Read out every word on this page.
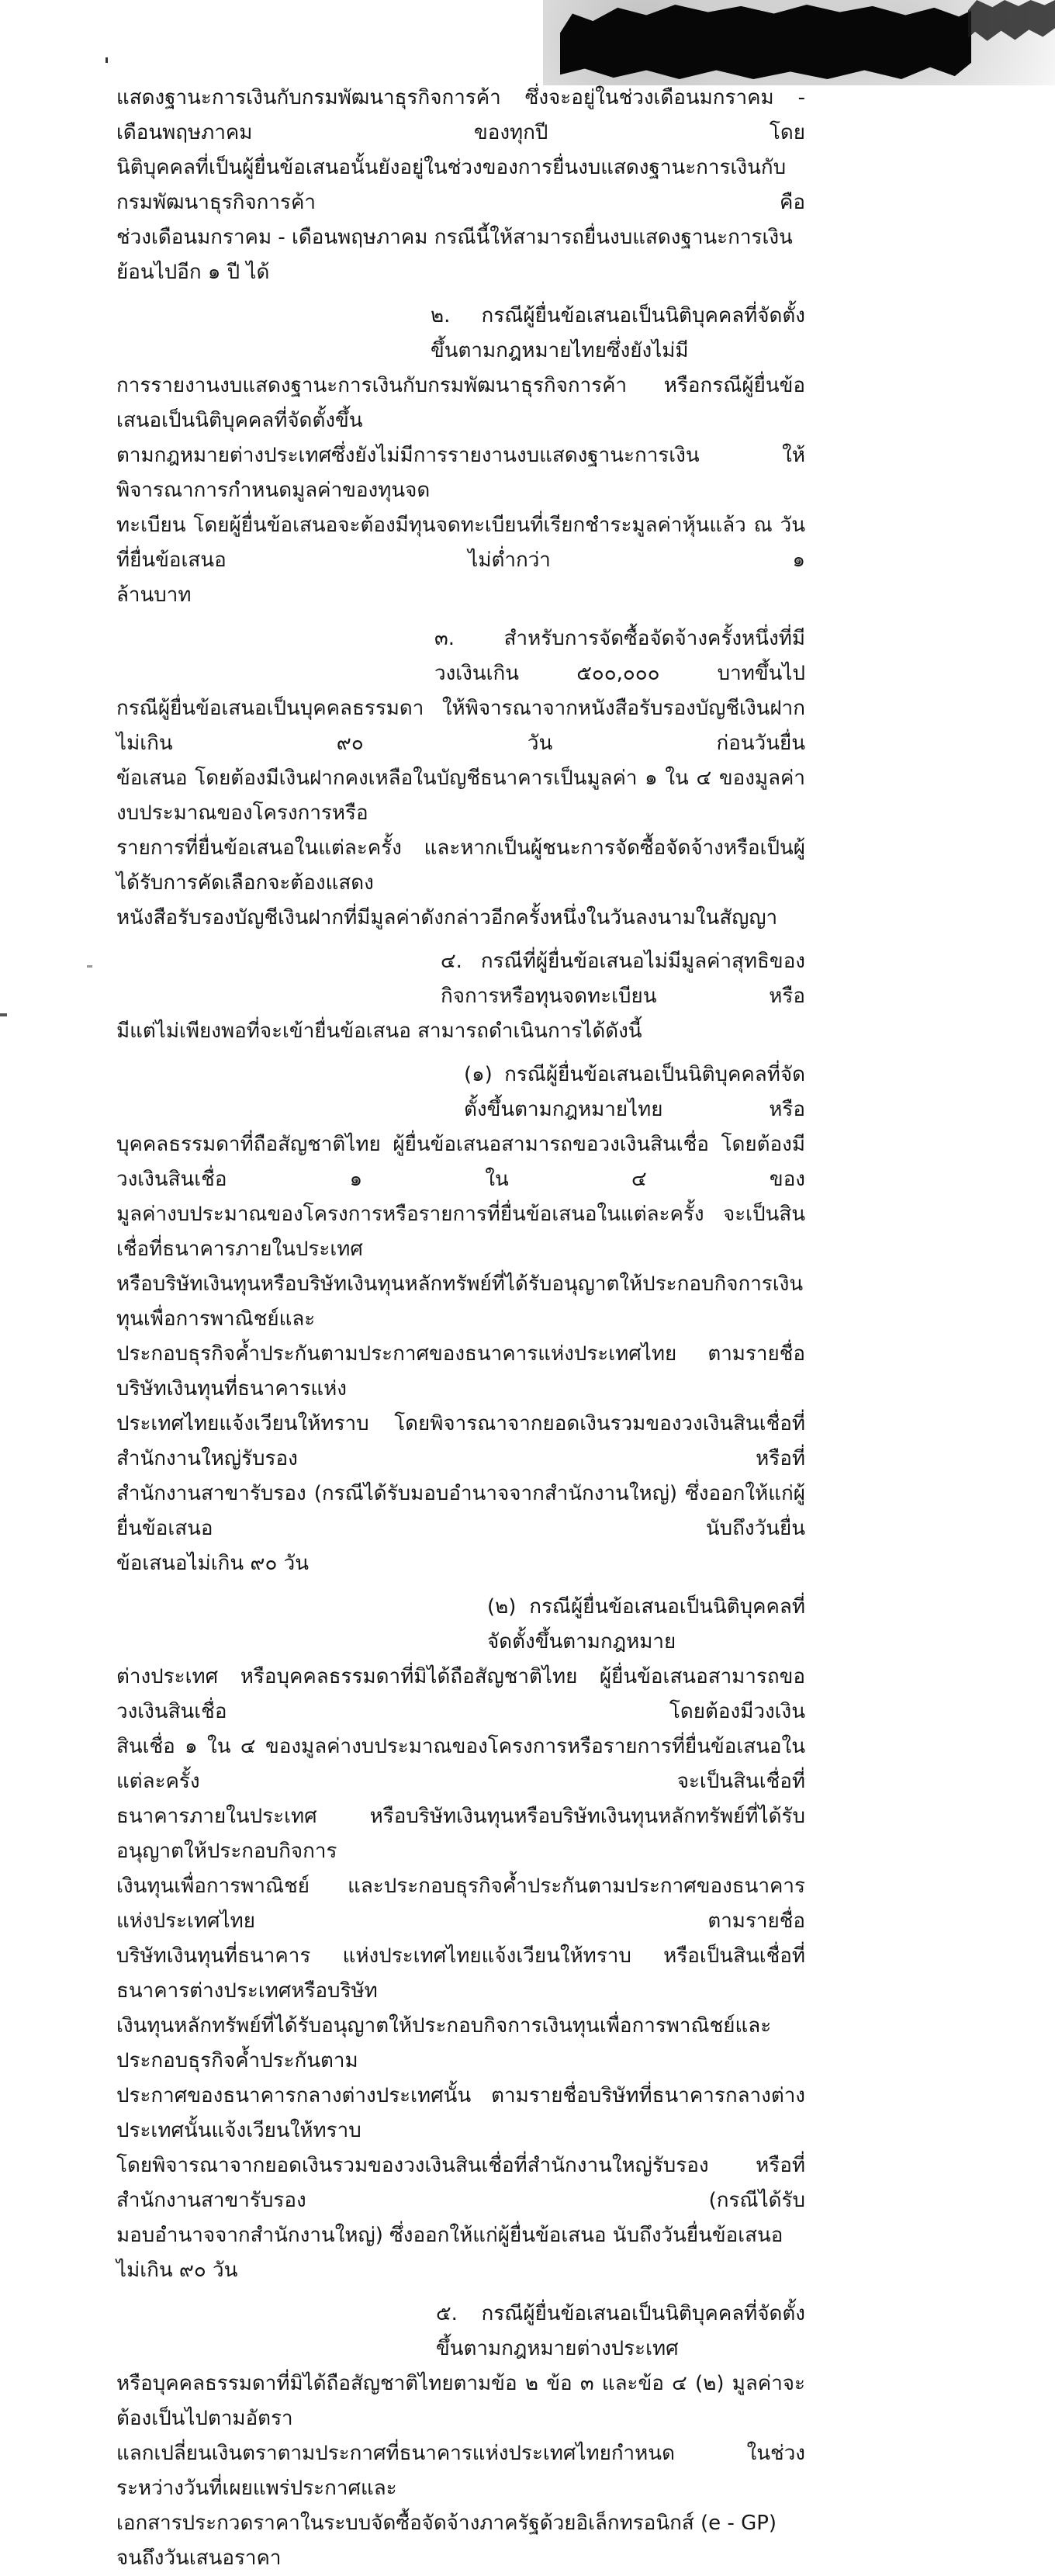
แสดงฐานะการเงินกับกรมพัฒนาธุรกิจการค้า ซึ่งจะอยู่ในช่วงเดือนมกราคม - เดือนพฤษภาคม ของทุกปี โดย
นิติบุคคลที่เป็นผู้ยื่นข้อเสนอนั้นยังอยู่ในช่วงของการยื่นงบแสดงฐานะการเงินกับกรมพัฒนาธุรกิจการค้า คือ
ช่วงเดือนมกราคม - เดือนพฤษภาคม กรณีนี้ให้สามารถยื่นงบแสดงฐานะการเงินย้อนไปอีก ๑ ปี ได้
๒. กรณีผู้ยื่นข้อเสนอเป็นนิติบุคคลที่จัดตั้งขึ้นตามกฎหมายไทยซึ่งยังไม่มี
การรายงานงบแสดงฐานะการเงินกับกรมพัฒนาธุรกิจการค้า หรือกรณีผู้ยื่นข้อเสนอเป็นนิติบุคคลที่จัดตั้งขึ้น
ตามกฎหมายต่างประเทศซึ่งยังไม่มีการรายงานงบแสดงฐานะการเงิน ให้พิจารณาการกำหนดมูลค่าของทุนจด
ทะเบียน โดยผู้ยื่นข้อเสนอจะต้องมีทุนจดทะเบียนที่เรียกชำระมูลค่าหุ้นแล้ว ณ วันที่ยื่นข้อเสนอ ไม่ต่ำกว่า ๑
ล้านบาท
๓. สำหรับการจัดซื้อจัดจ้างครั้งหนึ่งที่มีวงเงินเกิน ๕๐๐,๐๐๐ บาทขึ้นไป
กรณีผู้ยื่นข้อเสนอเป็นบุคคลธรรมดา ให้พิจารณาจากหนังสือรับรองบัญชีเงินฝากไม่เกิน ๙๐ วัน ก่อนวันยื่น
ข้อเสนอ โดยต้องมีเงินฝากคงเหลือในบัญชีธนาคารเป็นมูลค่า ๑ ใน ๔ ของมูลค่างบประมาณของโครงการหรือ
รายการที่ยื่นข้อเสนอในแต่ละครั้ง และหากเป็นผู้ชนะการจัดซื้อจัดจ้างหรือเป็นผู้ได้รับการคัดเลือกจะต้องแสดง
หนังสือรับรองบัญชีเงินฝากที่มีมูลค่าดังกล่าวอีกครั้งหนึ่งในวันลงนามในสัญญา
๔. กรณีที่ผู้ยื่นข้อเสนอไม่มีมูลค่าสุทธิของกิจการหรือทุนจดทะเบียน หรือ
มีแต่ไม่เพียงพอที่จะเข้ายื่นข้อเสนอ สามารถดำเนินการได้ดังนี้
(๑) กรณีผู้ยื่นข้อเสนอเป็นนิติบุคคลที่จัดตั้งขึ้นตามกฎหมายไทย หรือ
บุคคลธรรมดาที่ถือสัญชาติไทย ผู้ยื่นข้อเสนอสามารถขอวงเงินสินเชื่อ โดยต้องมีวงเงินสินเชื่อ ๑ ใน ๔ ของ
มูลค่างบประมาณของโครงการหรือรายการที่ยื่นข้อเสนอในแต่ละครั้ง จะเป็นสินเชื่อที่ธนาคารภายในประเทศ
หรือบริษัทเงินทุนหรือบริษัทเงินทุนหลักทรัพย์ที่ได้รับอนุญาตให้ประกอบกิจการเงินทุนเพื่อการพาณิชย์และ
ประกอบธุรกิจค้ำประกันตามประกาศของธนาคารแห่งประเทศไทย ตามรายชื่อบริษัทเงินทุนที่ธนาคารแห่ง
ประเทศไทยแจ้งเวียนให้ทราบ โดยพิจารณาจากยอดเงินรวมของวงเงินสินเชื่อที่สำนักงานใหญ่รับรอง หรือที่
สำนักงานสาขารับรอง (กรณีได้รับมอบอำนาจจากสำนักงานใหญ่) ซึ่งออกให้แก่ผู้ยื่นข้อเสนอ นับถึงวันยื่น
ข้อเสนอไม่เกิน ๙๐ วัน
(๒) กรณีผู้ยื่นข้อเสนอเป็นนิติบุคคลที่จัดตั้งขึ้นตามกฎหมาย
ต่างประเทศ หรือบุคคลธรรมดาที่มิได้ถือสัญชาติไทย ผู้ยื่นข้อเสนอสามารถขอวงเงินสินเชื่อ โดยต้องมีวงเงิน
สินเชื่อ ๑ ใน ๔ ของมูลค่างบประมาณของโครงการหรือรายการที่ยื่นข้อเสนอในแต่ละครั้ง จะเป็นสินเชื่อที่
ธนาคารภายในประเทศ หรือบริษัทเงินทุนหรือบริษัทเงินทุนหลักทรัพย์ที่ได้รับอนุญาตให้ประกอบกิจการ
เงินทุนเพื่อการพาณิชย์ และประกอบธุรกิจค้ำประกันตามประกาศของธนาคารแห่งประเทศไทย ตามรายชื่อ
บริษัทเงินทุนที่ธนาคาร แห่งประเทศไทยแจ้งเวียนให้ทราบ หรือเป็นสินเชื่อที่ธนาคารต่างประเทศหรือบริษัท
เงินทุนหลักทรัพย์ที่ได้รับอนุญาตให้ประกอบกิจการเงินทุนเพื่อการพาณิชย์และประกอบธุรกิจค้ำประกันตาม
ประกาศของธนาคารกลางต่างประเทศนั้น ตามรายชื่อบริษัทที่ธนาคารกลางต่างประเทศนั้นแจ้งเวียนให้ทราบ
โดยพิจารณาจากยอดเงินรวมของวงเงินสินเชื่อที่สำนักงานใหญ่รับรอง หรือที่สำนักงานสาขารับรอง (กรณีได้รับ
มอบอำนาจจากสำนักงานใหญ่) ซึ่งออกให้แก่ผู้ยื่นข้อเสนอ นับถึงวันยื่นข้อเสนอไม่เกิน ๙๐ วัน
๕. กรณีผู้ยื่นข้อเสนอเป็นนิติบุคคลที่จัดตั้งขึ้นตามกฎหมายต่างประเทศ
หรือบุคคลธรรมดาที่มิได้ถือสัญชาติไทยตามข้อ ๒ ข้อ ๓ และข้อ ๔ (๒) มูลค่าจะต้องเป็นไปตามอัตรา
แลกเปลี่ยนเงินตราตามประกาศที่ธนาคารแห่งประเทศไทยกำหนด ในช่วงระหว่างวันที่เผยแพร่ประกาศและ
เอกสารประกวดราคาในระบบจัดซื้อจัดจ้างภาครัฐด้วยอิเล็กทรอนิกส์ (e - GP) จนถึงวันเสนอราคา
